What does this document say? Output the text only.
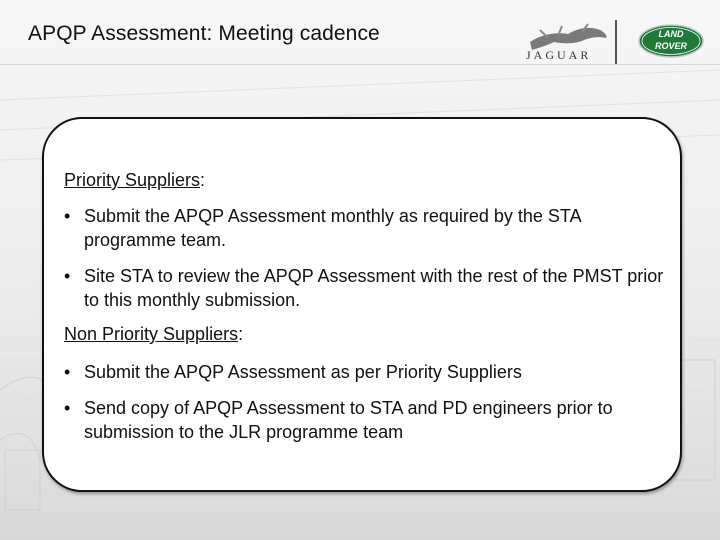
APQP Assessment: Meeting cadence
JAGUAR
LAND
ROVER
Priority Suppliers:
• Submit the APQP Assessment monthly as required by the STA programme team.
• Site STA to review the APQP Assessment with the rest of the PMST prior to this monthly submission.
Non Priority Suppliers:
• Submit the APQP Assessment as per Priority Suppliers
• Send copy of APQP Assessment to STA and PD engineers prior to submission to the JLR programme team
